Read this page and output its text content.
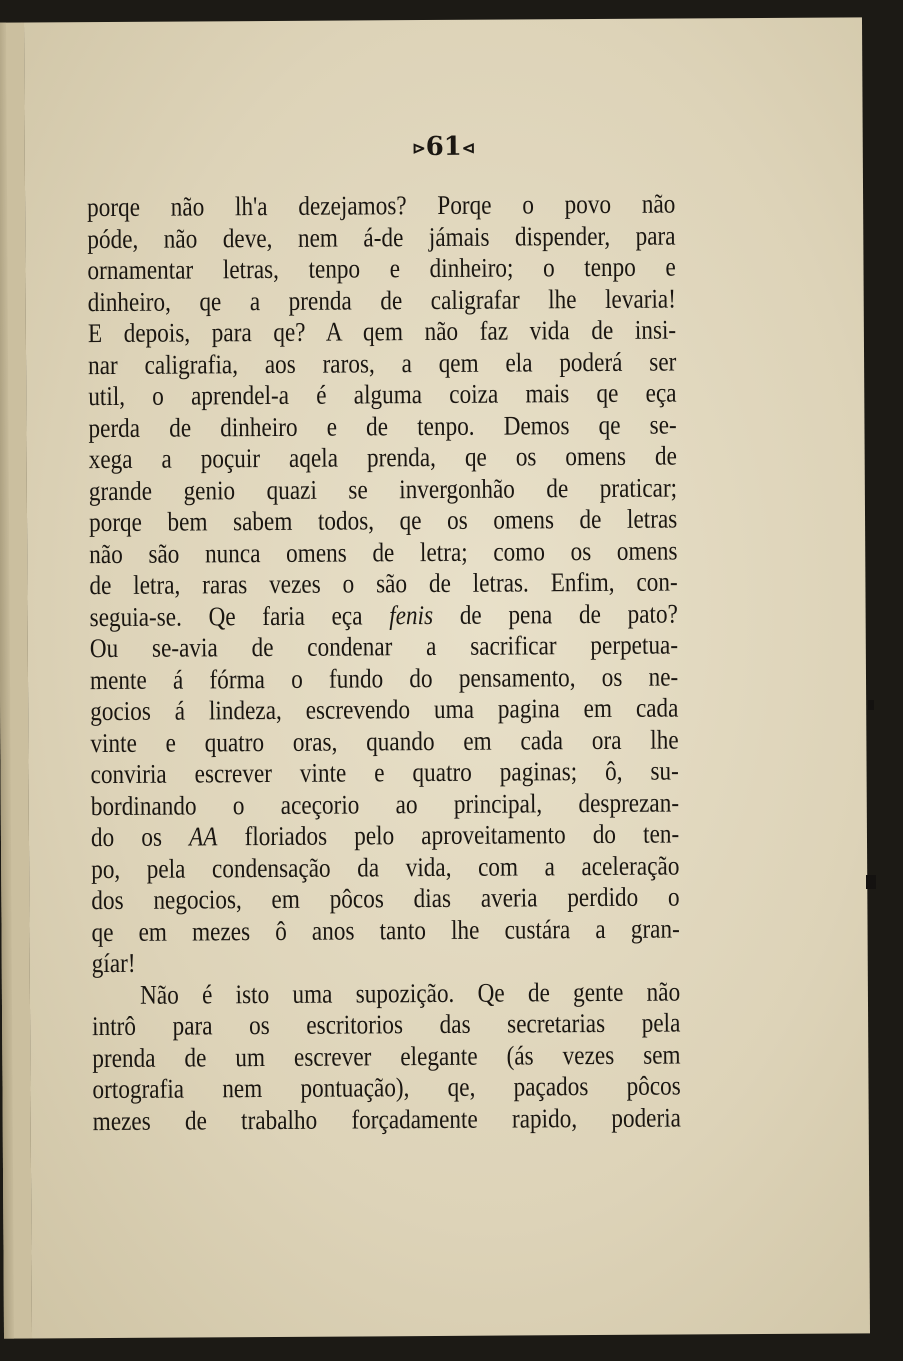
⊳61⊲
porqe não lh'a dezejamos? Porqe o povo não
póde, não deve, nem á-de jámais dispender, para
ornamentar letras, tenpo e dinheiro; o tenpo e
dinheiro, qe a prenda de caligrafar lhe levaria!
E depois, para qe? A qem não faz vida de insi-
nar caligrafia, aos raros, a qem ela poderá ser
util, o aprendel-a é alguma coiza mais qe eça
perda de dinheiro e de tenpo. Demos qe se-
xega a poçuir aqela prenda, qe os omens de
grande genio quazi se invergonhão de praticar;
porqe bem sabem todos, qe os omens de letras
não são nunca omens de letra; como os omens
de letra, raras vezes o são de letras. Enfim, con-
seguia-se. Qe faria eça fenis de pena de pato?
Ou se-avia de condenar a sacrificar perpetua-
mente á fórma o fundo do pensamento, os ne-
gocios á lindeza, escrevendo uma pagina em cada
vinte e quatro oras, quando em cada ora lhe
conviria escrever vinte e quatro paginas; ô, su-
bordinando o aceçorio ao principal, desprezan-
do os AA floriados pelo aproveitamento do ten-
po, pela condensação da vida, com a aceleração
dos negocios, em pôcos dias averia perdido o
qe em mezes ô anos tanto lhe custára a gran-
gíar!
Não é isto uma supozição. Qe de gente não
intrô para os escritorios das secretarias pela
prenda de um escrever elegante (ás vezes sem
ortografia nem pontuação), qe, paçados pôcos
mezes de trabalho forçadamente rapido, poderia
